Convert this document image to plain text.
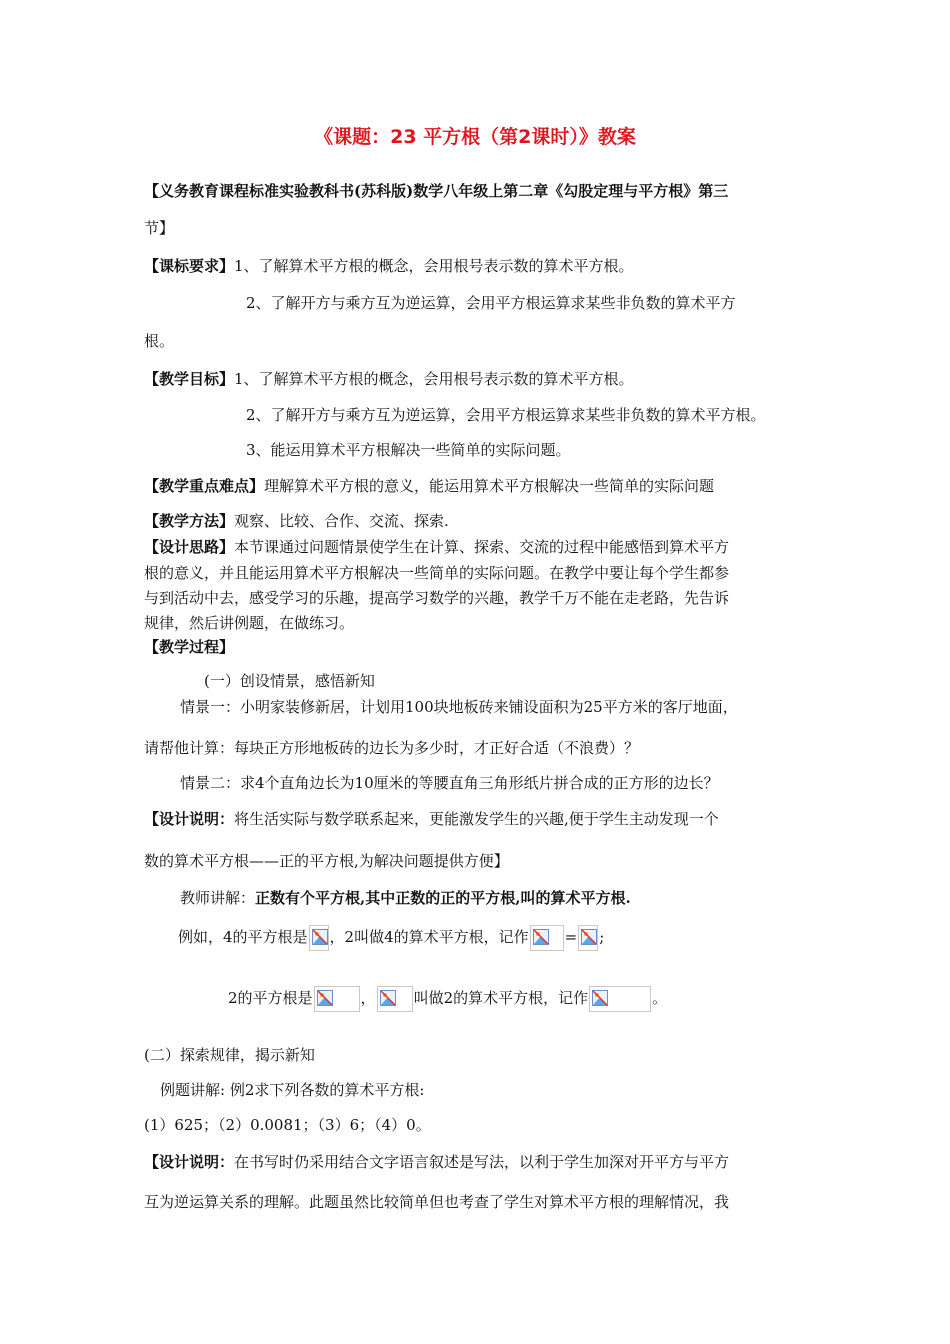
《课题：23 平方根（第2课时）》教案
【义务教育课程标准实验教科书(苏科版)数学八年级上第二章《勾股定理与平方根》第三
节】
【课标要求】1、了解算术平方根的概念，会用根号表示数的算术平方根。
2、了解开方与乘方互为逆运算，会用平方根运算求某些非负数的算术平方
根。
【教学目标】1、了解算术平方根的概念，会用根号表示数的算术平方根。
2、了解开方与乘方互为逆运算，会用平方根运算求某些非负数的算术平方根。
3、能运用算术平方根解决一些简单的实际问题。
【教学重点难点】理解算术平方根的意义，能运用算术平方根解决一些简单的实际问题
【教学方法】观察、比较、合作、交流、探索.
【设计思路】本节课通过问题情景使学生在计算、探索、交流的过程中能感悟到算术平方
根的意义，并且能运用算术平方根解决一些简单的实际问题。在教学中要让每个学生都参
与到活动中去，感受学习的乐趣，提高学习数学的兴趣，教学千万不能在走老路，先告诉
规律，然后讲例题，在做练习。
【教学过程】
(一）创设情景，感悟新知
情景一：小明家装修新居，计划用100块地板砖来铺设面积为25平方米的客厅地面，
请帮他计算：每块正方形地板砖的边长为多少时，才正好合适（不浪费）？
情景二：求4个直角边长为10厘米的等腰直角三角形纸片拼合成的正方形的边长？
【设计说明：将生活实际与数学联系起来，更能激发学生的兴趣,便于学生主动发现一个
数的算术平方根——正的平方根,为解决问题提供方便】
教师讲解：正数有个平方根,其中正数的正的平方根,叫的算术平方根.
例如，4的平方根是 ，2叫做4的算术平方根，记作 = ;
2的平方根是	，	叫做2的算术平方根，记作	。
(二）探索规律，揭示新知
例题讲解: 例2求下列各数的算术平方根:
(1）625；（2）0.0081；（3）6；（4）0。
【设计说明：在书写时仍采用结合文字语言叙述是写法，以利于学生加深对开平方与平方
互为逆运算关系的理解。此题虽然比较简单但也考查了学生对算术平方根的理解情况，我
